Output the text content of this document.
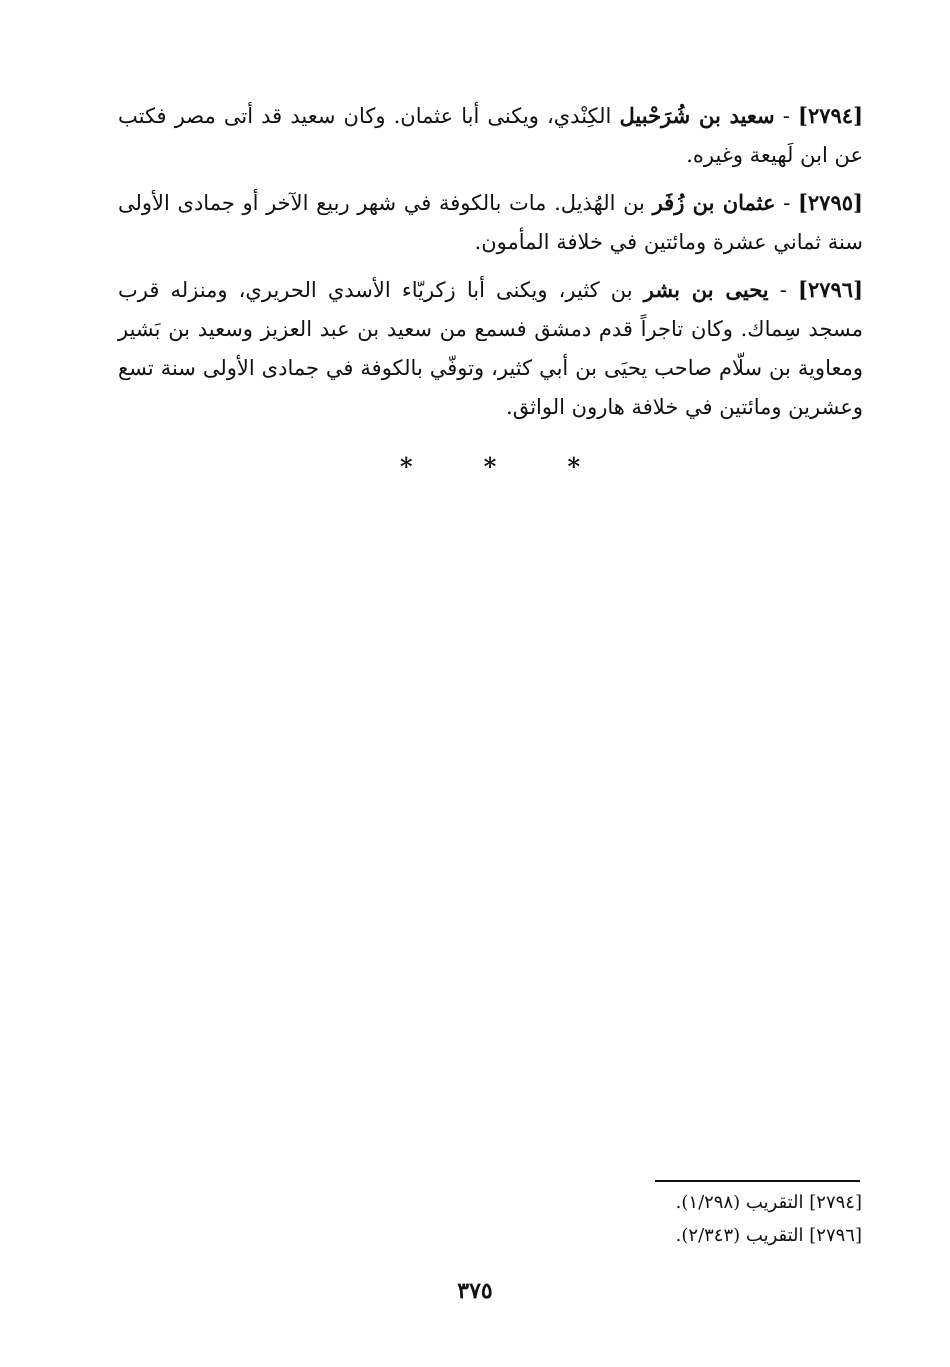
[٢٧٩٤] - سعيد بن شُرَحْبيل الكِنْدي، ويكنى أبا عثمان. وكان سعيد قد أتى مصر فكتب عن ابن لَهيعة وغيره.

[٢٧٩٥] - عثمان بن زُفَر بن الهُذيل. مات بالكوفة في شهر ربيع الآخر أو جمادى الأولى سنة ثماني عشرة ومائتين في خلافة المأمون.

[٢٧٩٦] - يحيى بن بشر بن كثير، ويكنى أبا زكريّاء الأسدي الحريري، ومنزله قرب مسجد سِماك. وكان تاجراً قدم دمشق فسمع من سعيد بن عبد العزيز وسعيد بن بَشير ومعاوية بن سلّام صاحب يحيَى بن أبي كثير، وتوفّي بالكوفة في جمادى الأولى سنة تسع وعشرين ومائتين في خلافة هارون الواثق.

*	*	*

[٢٧٩٤] التقريب (١/٢٩٨).

[٢٧٩٦] التقريب (٢/٣٤٣).

٣٧٥
